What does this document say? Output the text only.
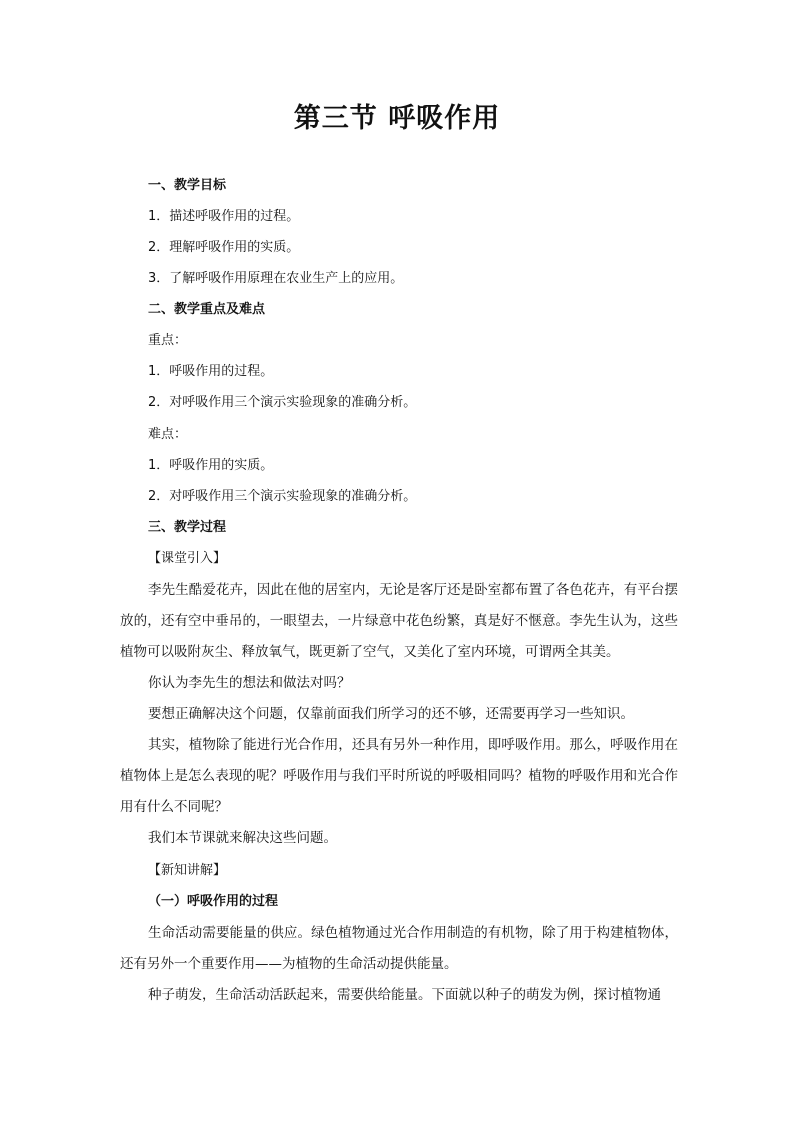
第三节 呼吸作用
一、教学目标
1．描述呼吸作用的过程。
2．理解呼吸作用的实质。
3．了解呼吸作用原理在农业生产上的应用。
二、教学重点及难点
重点：
1．呼吸作用的过程。
2．对呼吸作用三个演示实验现象的准确分析。
难点：
1．呼吸作用的实质。
2．对呼吸作用三个演示实验现象的准确分析。
三、教学过程
【课堂引入】
李先生酷爱花卉，因此在他的居室内，无论是客厅还是卧室都布置了各色花卉，有平台摆放的，还有空中垂吊的，一眼望去，一片绿意中花色纷繁，真是好不惬意。李先生认为，这些植物可以吸附灰尘、释放氧气，既更新了空气，又美化了室内环境，可谓两全其美。
你认为李先生的想法和做法对吗？
要想正确解决这个问题，仅靠前面我们所学习的还不够，还需要再学习一些知识。
其实，植物除了能进行光合作用，还具有另外一种作用，即呼吸作用。那么，呼吸作用在植物体上是怎么表现的呢？呼吸作用与我们平时所说的呼吸相同吗？植物的呼吸作用和光合作用有什么不同呢？
我们本节课就来解决这些问题。
【新知讲解】
（一）呼吸作用的过程
生命活动需要能量的供应。绿色植物通过光合作用制造的有机物，除了用于构建植物体，还有另外一个重要作用——为植物的生命活动提供能量。
种子萌发，生命活动活跃起来，需要供给能量。下面就以种子的萌发为例，探讨植物通
